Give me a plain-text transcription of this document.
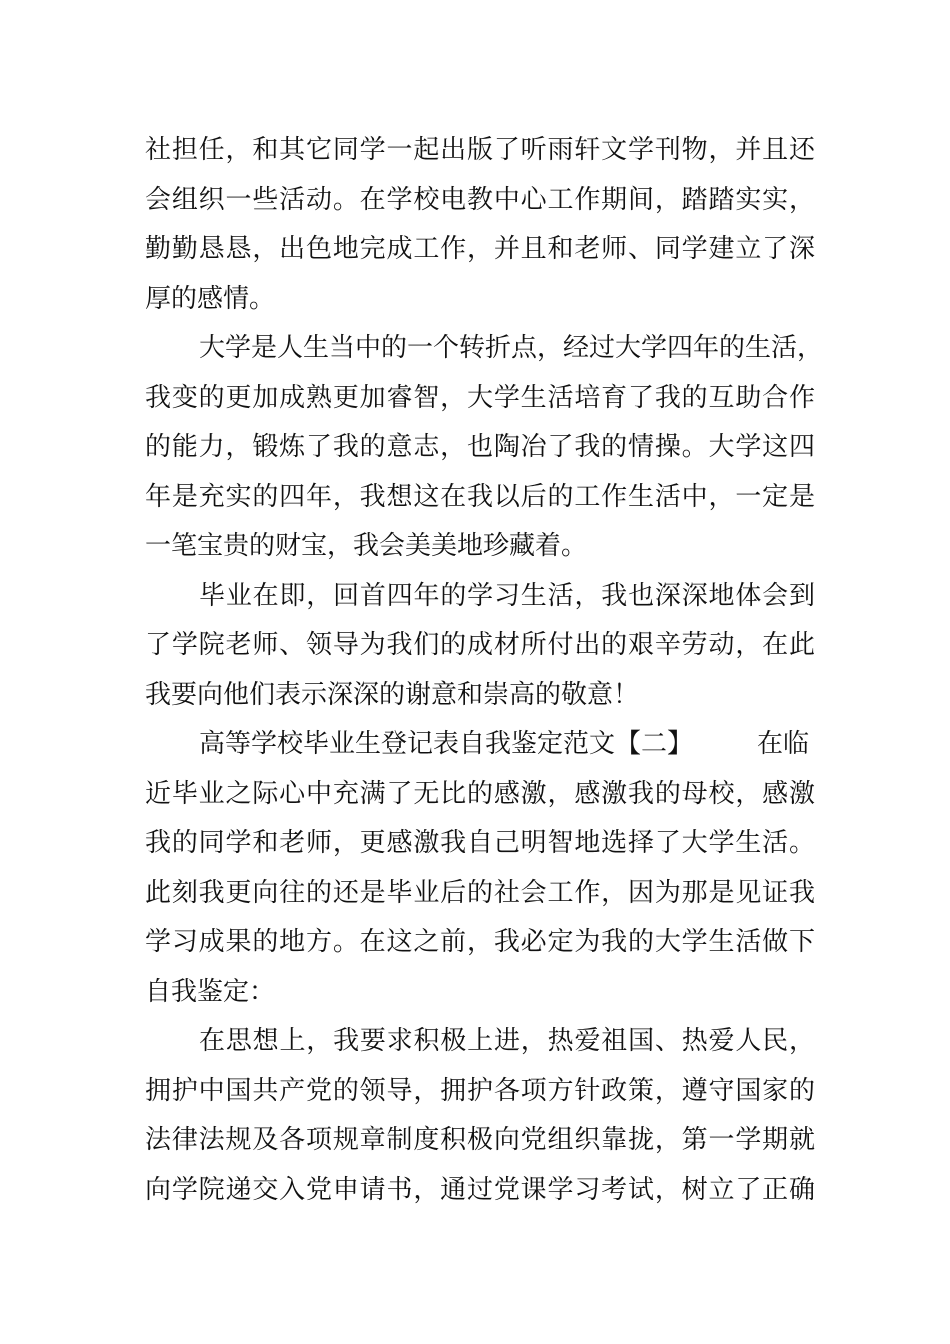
社担任，和其它同学一起出版了听雨轩文学刊物，并且还
会组织一些活动。在学校电教中心工作期间，踏踏实实，
勤勤恳恳，出色地完成工作，并且和老师、同学建立了深
厚的感情。
大学是人生当中的一个转折点，经过大学四年的生活，
我变的更加成熟更加睿智，大学生活培育了我的互助合作
的能力，锻炼了我的意志，也陶冶了我的情操。大学这四
年是充实的四年，我想这在我以后的工作生活中，一定是
一笔宝贵的财宝，我会美美地珍藏着。
毕业在即，回首四年的学习生活，我也深深地体会到
了学院老师、领导为我们的成材所付出的艰辛劳动，在此
我要向他们表示深深的谢意和崇高的敬意！
高等学校毕业生登记表自我鉴定范文【二】 在临
近毕业之际心中充满了无比的感激，感激我的母校，感激
我的同学和老师，更感激我自己明智地选择了大学生活。
此刻我更向往的还是毕业后的社会工作，因为那是见证我
学习成果的地方。在这之前，我必定为我的大学生活做下
自我鉴定：
在思想上，我要求积极上进，热爱祖国、热爱人民，
拥护中国共产党的领导，拥护各项方针政策，遵守国家的
法律法规及各项规章制度积极向党组织靠拢，第一学期就
向学院递交入党申请书，通过党课学习考试，树立了正确
